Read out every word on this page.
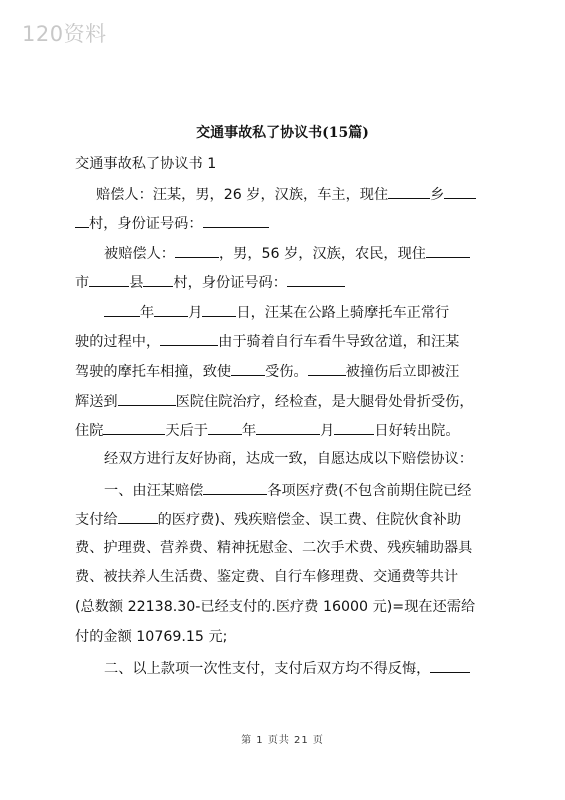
120资料
交通事故私了协议书(15篇)
交通事故私了协议书 1
赔偿人：汪某，男，26 岁，汉族，车主，现住	乡
村，身份证号码：
被赔偿人：	，男，56 岁，汉族，农民，现住
市	县 村，身份证号码：
年 月 日，汪某在公路上骑摩托车正常行
驶的过程中，	由于骑着自行车看牛导致岔道，和汪某
驾驶的摩托车相撞，致使 受伤。	被撞伤后立即被汪
辉送到	医院住院治疗，经检查，是大腿骨处骨折受伤，
住院	天后于 年	月	日好转出院。
经双方进行友好协商，达成一致，自愿达成以下赔偿协议：
一、由汪某赔偿	各项医疗费(不包含前期住院已经
支付给	的医疗费)、残疾赔偿金、误工费、住院伙食补助
费、护理费、营养费、精神抚慰金、二次手术费、残疾辅助器具
费、被扶养人生活费、鉴定费、自行车修理费、交通费等共计
(总数额 22138.30-已经支付的.医疗费 16000 元)=现在还需给
付的金额 10769.15 元;
二、以上款项一次性支付，支付后双方均不得反悔，
第 1 页共 21 页
